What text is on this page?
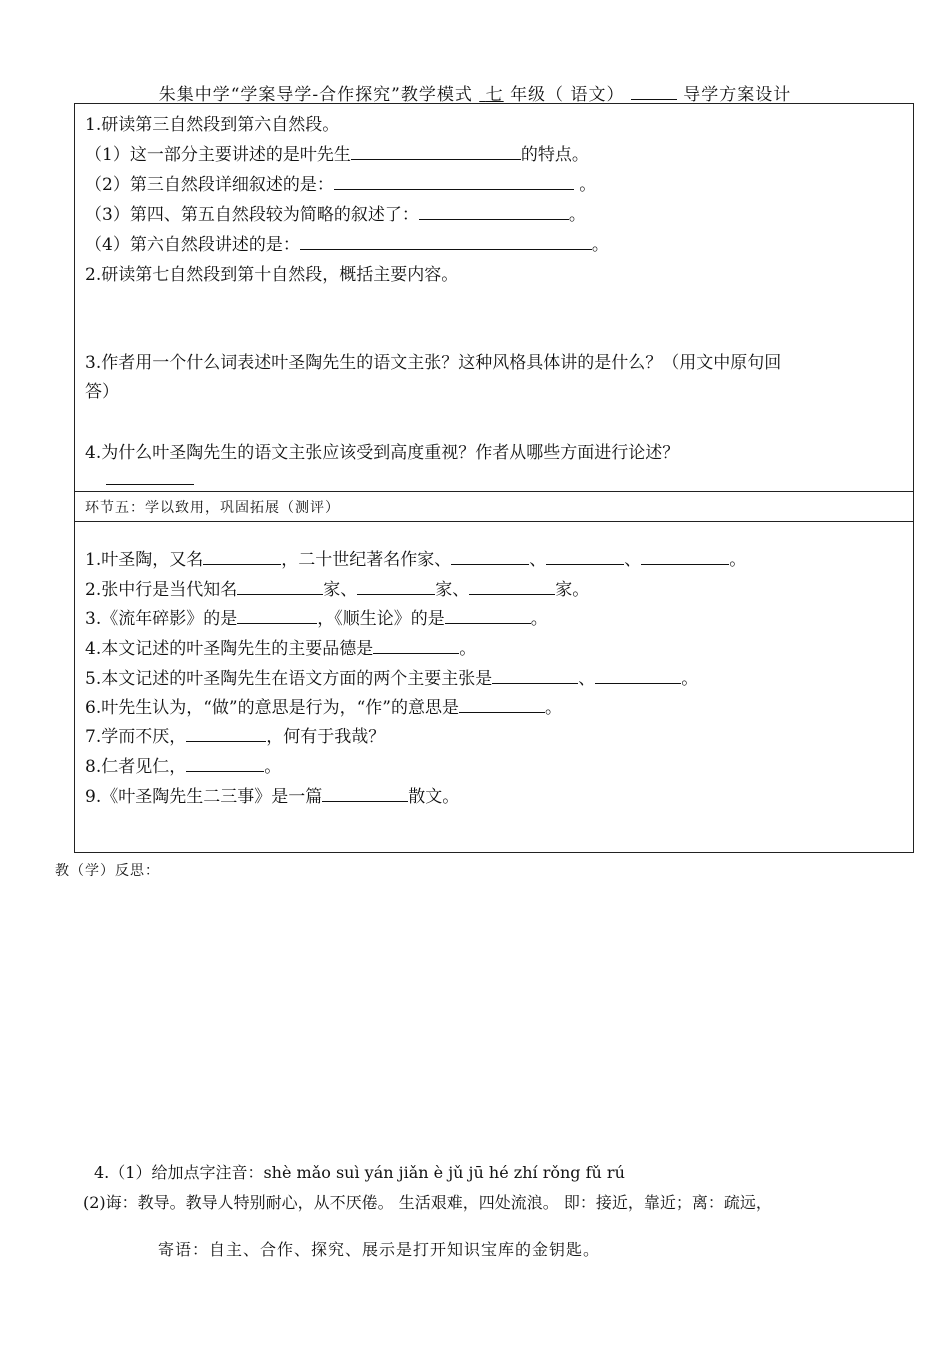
朱集中学“学案导学-合作探究”教学模式  七 年级（ 语文）	导学方案设计
1.研读第三自然段到第六自然段。
（1）这一部分主要讲述的是叶先生	的特点。
（2）第三自然段详细叙述的是：	。
（3）第四、第五自然段较为简略的叙述了：	。
（4）第六自然段讲述的是：	。
2.研读第七自然段到第十自然段，概括主要内容。
3.作者用一个什么词表述叶圣陶先生的语文主张？这种风格具体讲的是什么？（用文中原句回
答）
4.为什么叶圣陶先生的语文主张应该受到高度重视？作者从哪些方面进行论述？
环节五：学以致用，巩固拓展（测评）
1.叶圣陶，又名	，二十世纪著名作家、	、	、	。
2.张中行是当代知名	家、	家、	家。
3.《流年碎影》的是	，《顺生论》的是	。
4.本文记述的叶圣陶先生的主要品德是	。
5.本文记述的叶圣陶先生在语文方面的两个主要主张是	、	。
6.叶先生认为，“做”的意思是行为，“作”的意思是	。
7.学而不厌，	，何有于我哉？
8.仁者见仁，	。
9.《叶圣陶先生二三事》是一篇	散文。
教（学）反思：
4.（1）给加点字注音：shè mǎo suì yán jiǎn è jǔ jū hé zhí rǒng fǔ rú
(2)诲：教导。教导人特别耐心，从不厌倦。 生活艰难，四处流浪。 即：接近，靠近；离：疏远，
寄语：自主、合作、探究、展示是打开知识宝库的金钥匙。
